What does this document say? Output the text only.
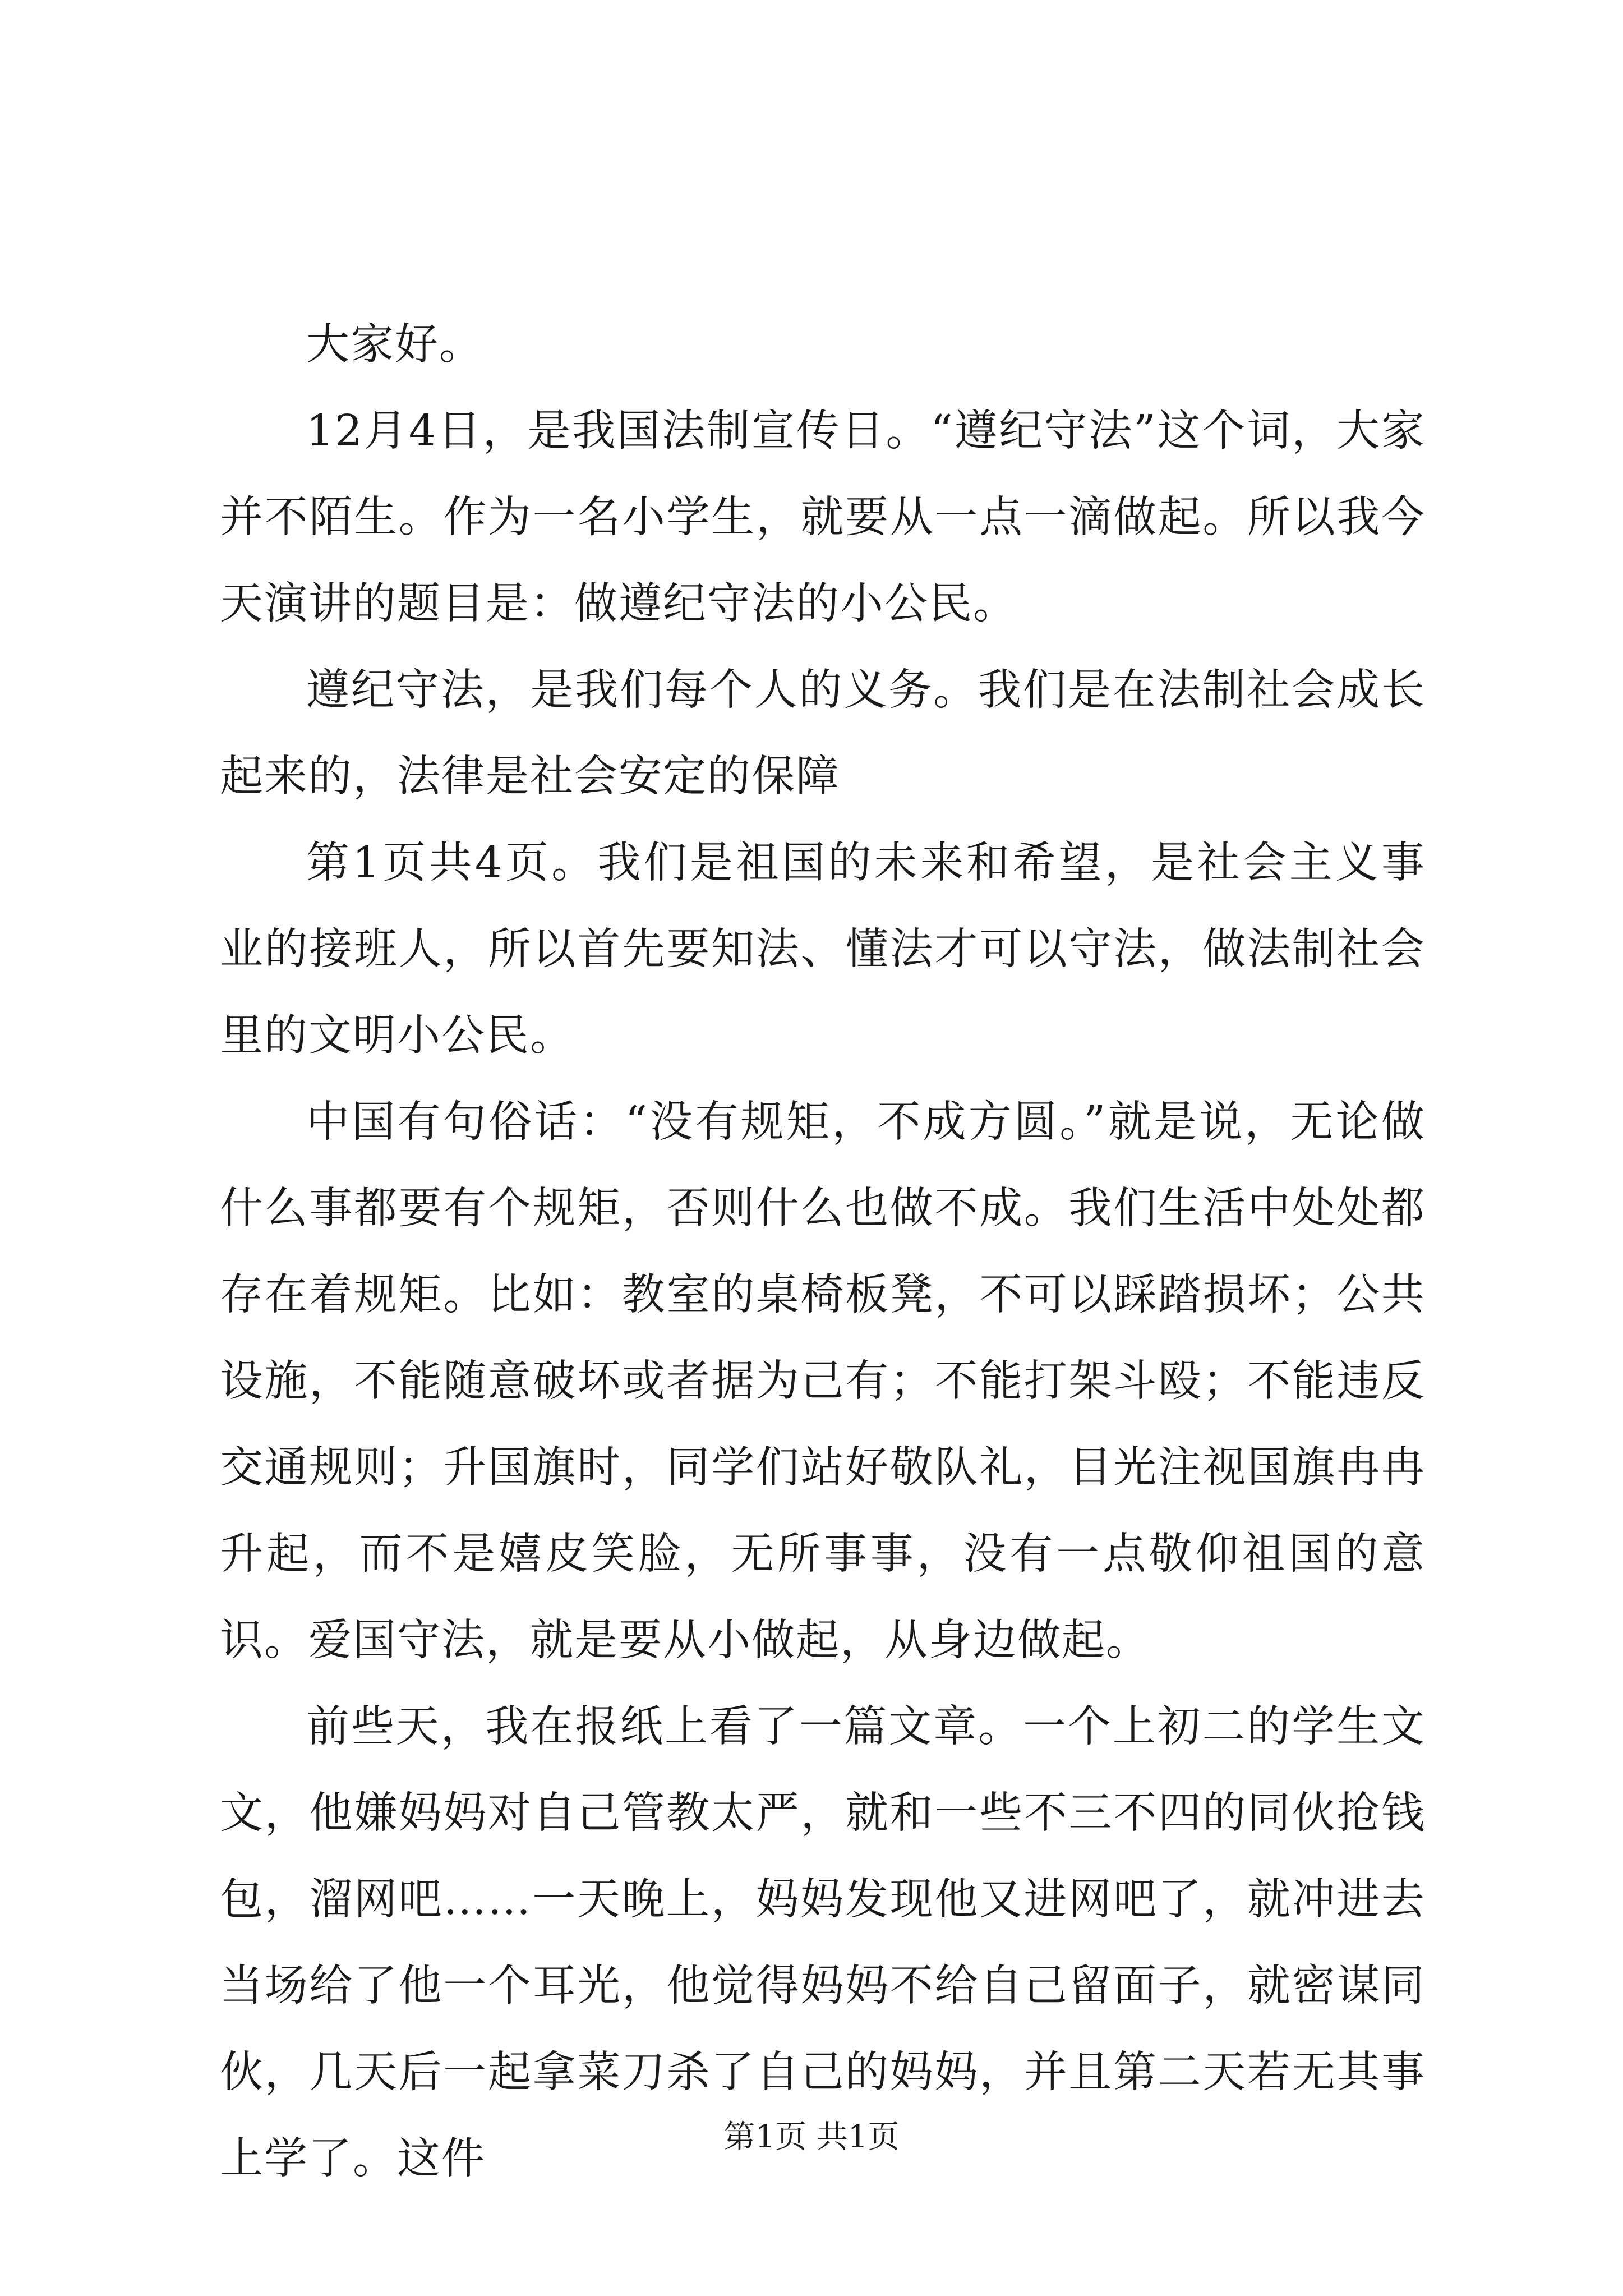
大家好。

12月4日，是我国法制宣传日。“遵纪守法”这个词，大家并不陌生。作为一名小学生，就要从一点一滴做起。所以我今天演讲的题目是：做遵纪守法的小公民。

遵纪守法，是我们每个人的义务。我们是在法制社会成长起来的，法律是社会安定的保障

第1页共4页。我们是祖国的未来和希望，是社会主义事业的接班人，所以首先要知法、懂法才可以守法，做法制社会里的文明小公民。

中国有句俗话：“没有规矩，不成方圆。”就是说，无论做什么事都要有个规矩，否则什么也做不成。我们生活中处处都存在着规矩。比如：教室的桌椅板凳，不可以踩踏损坏；公共设施，不能随意破坏或者据为己有；不能打架斗殴；不能违反交通规则；升国旗时，同学们站好敬队礼，目光注视国旗冉冉升起，而不是嬉皮笑脸，无所事事，没有一点敬仰祖国的意识。爱国守法，就是要从小做起，从身边做起。

前些天，我在报纸上看了一篇文章。一个上初二的学生文文，他嫌妈妈对自己管教太严，就和一些不三不四的同伙抢钱包，溜网吧……一天晚上，妈妈发现他又进网吧了，就冲进去当场给了他一个耳光，他觉得妈妈不给自己留面子，就密谋同伙，几天后一起拿菜刀杀了自己的妈妈，并且第二天若无其事上学了。这件	第1页 共1页
